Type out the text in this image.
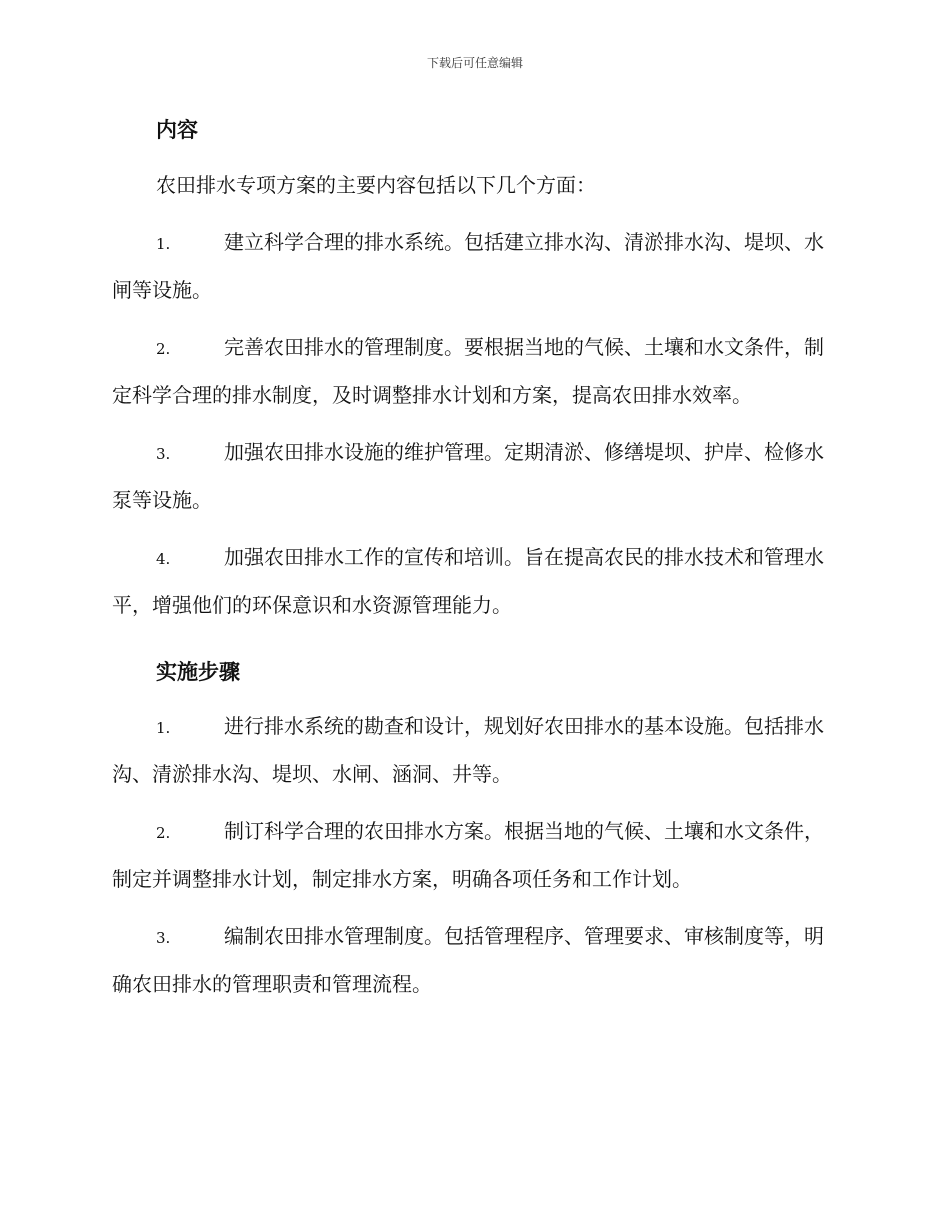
下载后可任意编辑
内容

农田排水专项方案的主要内容包括以下几个方面：

1.	建立科学合理的排水系统。包括建立排水沟、清淤排水沟、堤坝、水闸等设施。
2.	完善农田排水的管理制度。要根据当地的气候、土壤和水文条件，制定科学合理的排水制度，及时调整排水计划和方案，提高农田排水效率。
3.	加强农田排水设施的维护管理。定期清淤、修缮堤坝、护岸、检修水泵等设施。
4.	加强农田排水工作的宣传和培训。旨在提高农民的排水技术和管理水平，增强他们的环保意识和水资源管理能力。
实施步骤
1.	进行排水系统的勘查和设计，规划好农田排水的基本设施。包括排水沟、清淤排水沟、堤坝、水闸、涵洞、井等。
2.	制订科学合理的农田排水方案。根据当地的气候、土壤和水文条件，制定并调整排水计划，制定排水方案，明确各项任务和工作计划。
3.	编制农田排水管理制度。包括管理程序、管理要求、审核制度等，明确农田排水的管理职责和管理流程。
